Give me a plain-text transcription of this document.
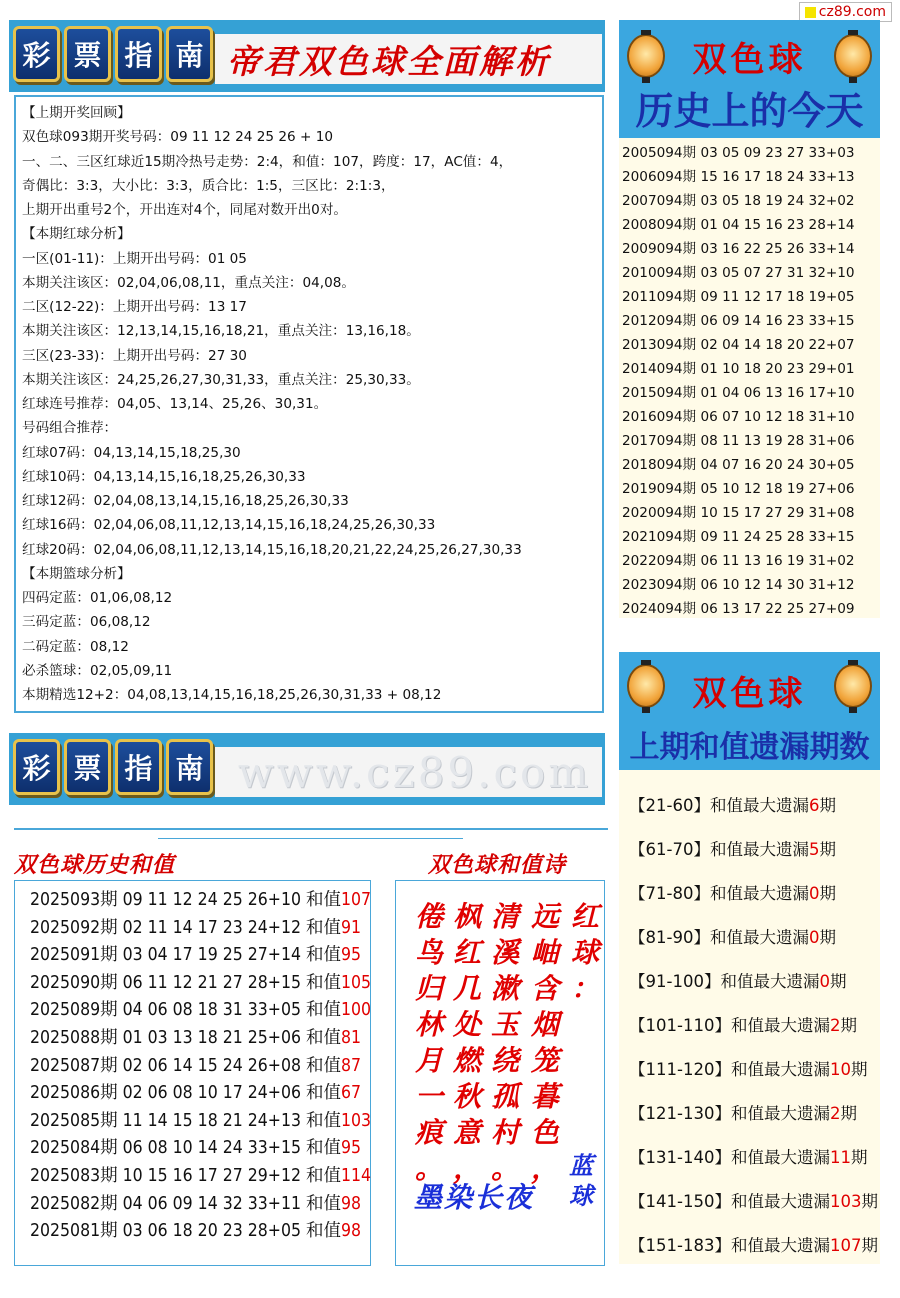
cz89.com
彩 票 指 南 帝君双色球全面解析
【上期开奖回顾】
双色球093期开奖号码：09 11 12 24 25 26 + 10
一、二、三区红球近15期冷热号走势：2:4，和值：107，跨度：17，AC值：4，
奇偶比：3:3，大小比：3:3，质合比：1:5，三区比：2:1:3，
上期开出重号2个，开出连对4个，同尾对数开出0对。
【本期红球分析】
一区(01-11)：上期开出号码：01 05
本期关注该区：02,04,06,08,11，重点关注：04,08。
二区(12-22)：上期开出号码：13 17
本期关注该区：12,13,14,15,16,18,21，重点关注：13,16,18。
三区(23-33)：上期开出号码：27 30
本期关注该区：24,25,26,27,30,31,33，重点关注：25,30,33。
红球连号推荐：04,05、13,14、25,26、30,31。
号码组合推荐：
红球07码：04,13,14,15,18,25,30
红球10码：04,13,14,15,16,18,25,26,30,33
红球12码：02,04,08,13,14,15,16,18,25,26,30,33
红球16码：02,04,06,08,11,12,13,14,15,16,18,24,25,26,30,33
红球20码：02,04,06,08,11,12,13,14,15,16,18,20,21,22,24,25,26,27,30,33
【本期篮球分析】
四码定蓝：01,06,08,12
三码定蓝：06,08,12
二码定蓝：08,12
必杀篮球：02,05,09,11
本期精选12+2：04,08,13,14,15,16,18,25,26,30,31,33 + 08,12
双色球
历史上的今天
2005094期 03 05 09 23 27 33+03
2006094期 15 16 17 18 24 33+13
2007094期 03 05 18 19 24 32+02
2008094期 01 04 15 16 23 28+14
2009094期 03 16 22 25 26 33+14
2010094期 03 05 07 27 31 32+10
2011094期 09 11 12 17 18 19+05
2012094期 06 09 14 16 23 33+15
2013094期 02 04 14 18 20 22+07
2014094期 01 10 18 20 23 29+01
2015094期 01 04 06 13 16 17+10
2016094期 06 07 10 12 18 31+10
2017094期 08 11 13 19 28 31+06
2018094期 04 07 16 20 24 30+05
2019094期 05 10 12 18 19 27+06
2020094期 10 15 17 27 29 31+08
2021094期 09 11 24 25 28 33+15
2022094期 06 11 13 16 19 31+02
2023094期 06 10 12 14 30 31+12
2024094期 06 13 17 22 25 27+09
彩 票 指 南 www.cz89.com
双色球
上期和值遗漏期数
【21-60】和值最大遗漏6期
【61-70】和值最大遗漏5期
【71-80】和值最大遗漏0期
【81-90】和值最大遗漏0期
【91-100】和值最大遗漏0期
【101-110】和值最大遗漏2期
【111-120】和值最大遗漏10期
【121-130】和值最大遗漏2期
【131-140】和值最大遗漏11期
【141-150】和值最大遗漏103期
【151-183】和值最大遗漏107期
双色球历史和值	双色球和值诗
2025093期 09 11 12 24 25 26+10 和值107
2025092期 02 11 14 17 23 24+12 和值91
2025091期 03 04 17 19 25 27+14 和值95
2025090期 06 11 12 21 27 28+15 和值105
2025089期 04 06 08 18 31 33+05 和值100
2025088期 01 03 13 18 21 25+06 和值81
2025087期 02 06 14 15 24 26+08 和值87
2025086期 02 06 08 10 17 24+06 和值67
2025085期 11 14 15 18 21 24+13 和值103
2025084期 06 08 10 14 24 33+15 和值95
2025083期 10 15 16 17 27 29+12 和值114
2025082期 04 06 09 14 32 33+11 和值98
2025081期 03 06 18 20 23 28+05 和值98
红
球
：
远
岫
含
烟
笼
暮
色
，
清
溪
漱
玉
绕
孤
村
。
枫
红
几
处
燃
秋
意
，
倦
鸟
归
林
月
一
痕
。	蓝
球
墨染长夜
